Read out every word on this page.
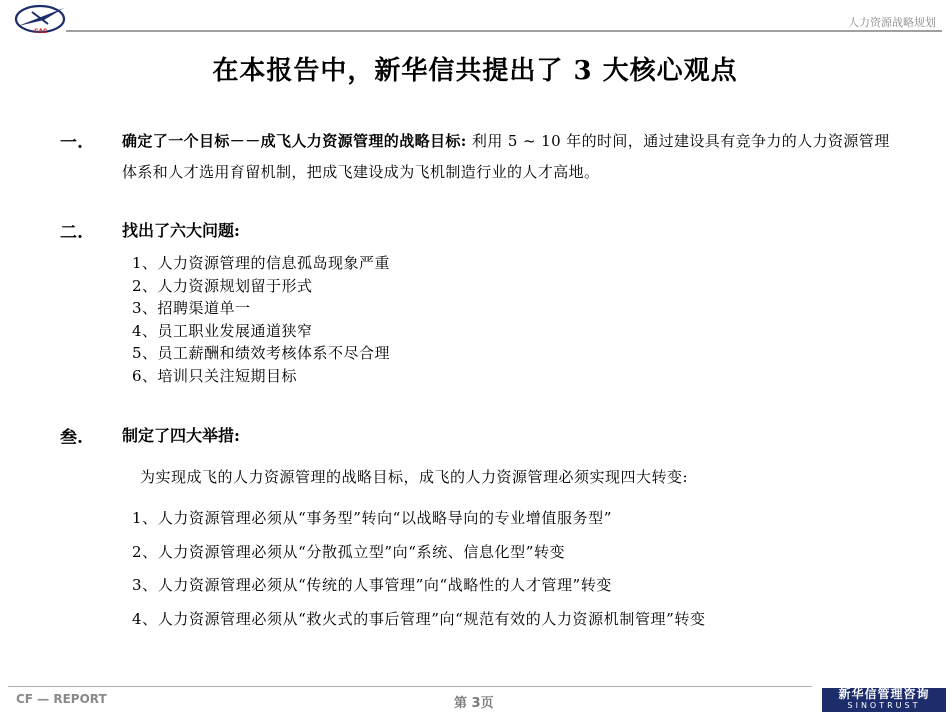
CAC
人力资源战略规划
在本报告中，新华信共提出了 3 大核心观点
一.	确定了一个目标－－成飞人力资源管理的战略目标: 利用 5 ~ 10 年的时间，通过建设具有竞争力的人力资源管理体系和人才选用育留机制，把成飞建设成为飞机制造行业的人才高地。
二. 找出了六大问题:
1、人力资源管理的信息孤岛现象严重
2、人力资源规划留于形式
3、招聘渠道单一
4、员工职业发展通道狭窄
5、员工薪酬和绩效考核体系不尽合理
6、培训只关注短期目标
叁. 制定了四大举措:
为实现成飞的人力资源管理的战略目标，成飞的人力资源管理必须实现四大转变:
1、人力资源管理必须从“事务型”转向“以战略导向的专业增值服务型”
2、人力资源管理必须从“分散孤立型”向“系统、信息化型”转变
3、人力资源管理必须从“传统的人事管理”向“战略性的人才管理”转变
4、人力资源管理必须从“救火式的事后管理”向“规范有效的人力资源机制管理”转变
CF — REPORT	第 3页
新华信管理咨询
SINOTRUST
